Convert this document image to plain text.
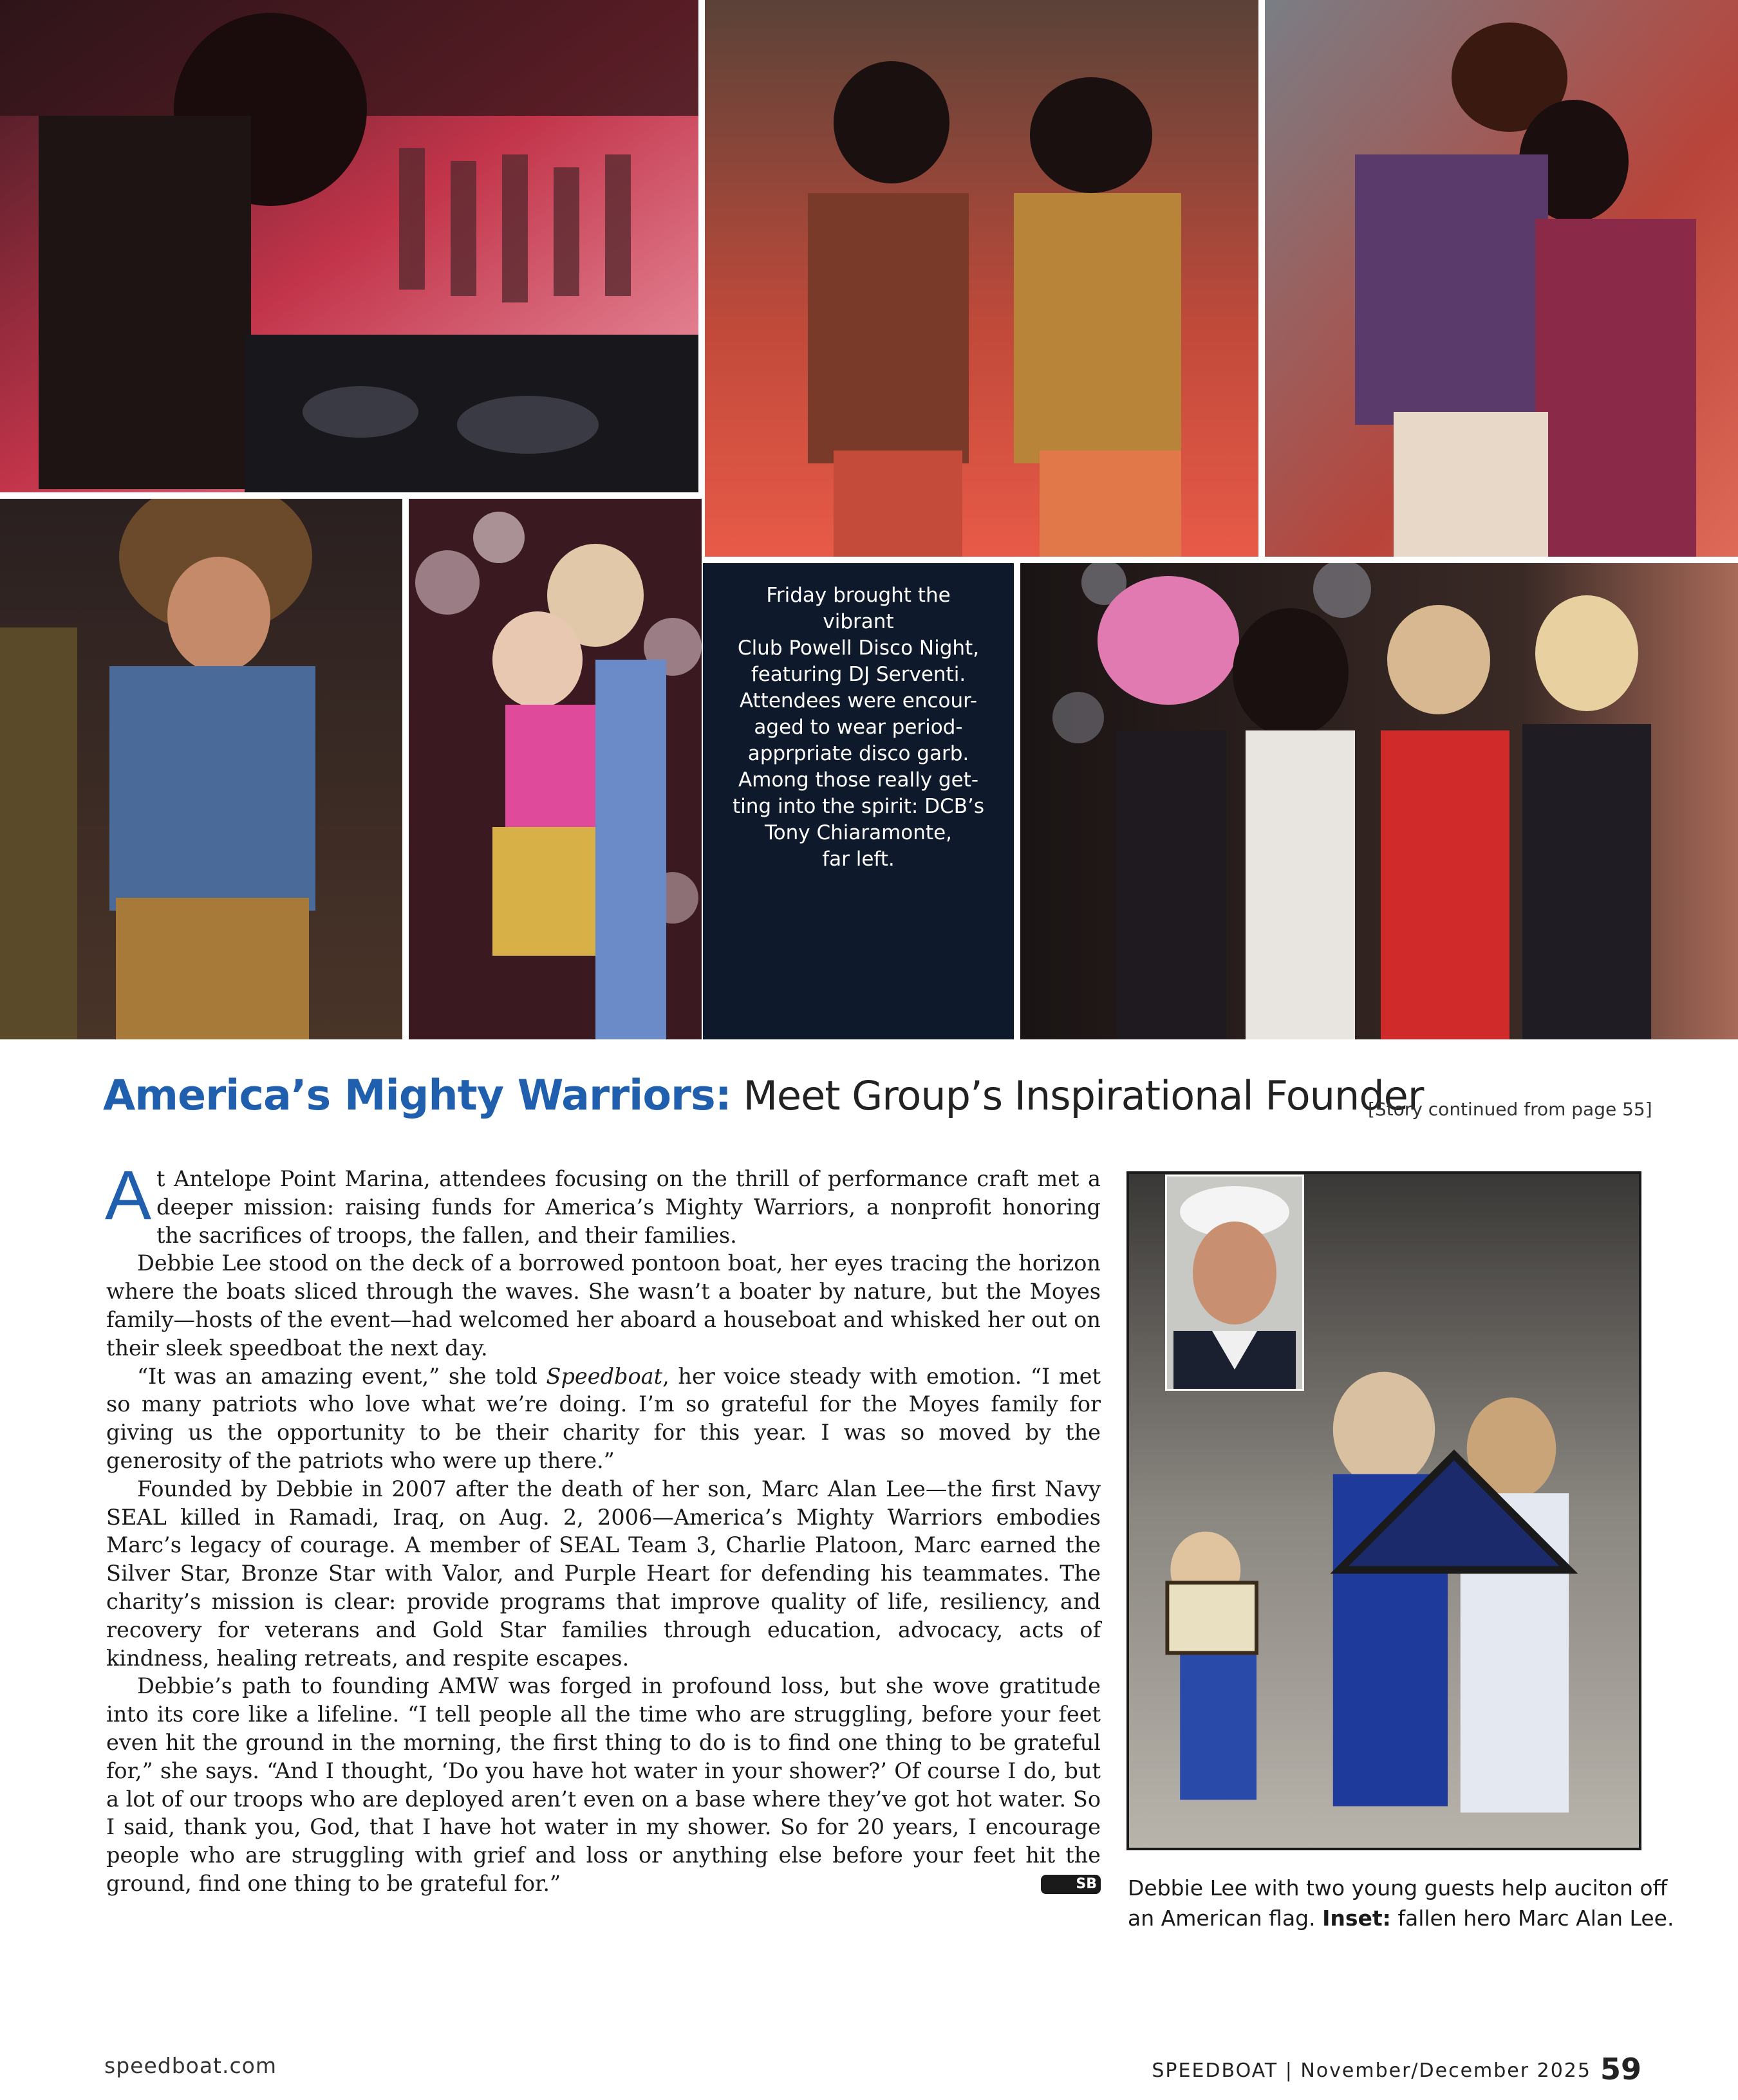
Friday brought the vibrant

Club Powell Disco Night,

featuring DJ Serventi.

Attendees were encour-

aged to wear period-

apprpriate disco garb.

Among those really get-

ting into the spirit: DCB’s

Tony Chiaramonte,

far left.

America’s Mighty Warriors: Meet Group’s Inspirational Founder
[Story continued from page 55]

At Antelope Point Marina, attendees focusing on the thrill of performance craft met a deeper mission: raising funds for America’s Mighty Warriors, a nonprofit honoring the sacrifices of troops, the fallen, and their families.

Debbie Lee stood on the deck of a borrowed pontoon boat, her eyes tracing the horizon where the boats sliced through the waves. She wasn’t a boater by nature, but the Moyes family—hosts of the event—had welcomed her aboard a houseboat and whisked her out on their sleek speedboat the next day.

“It was an amazing event,” she told Speedboat, her voice steady with emotion. “I met so many patriots who love what we’re doing. I’m so grateful for the Moyes family for giving us the opportunity to be their charity for this year. I was so moved by the generosity of the patriots who were up there.”

Founded by Debbie in 2007 after the death of her son, Marc Alan Lee—the first Navy SEAL killed in Ramadi, Iraq, on Aug. 2, 2006—America’s Mighty Warriors embodies Marc’s legacy of courage. A member of SEAL Team 3, Charlie Platoon, Marc earned the Silver Star, Bronze Star with Valor, and Purple Heart for defending his teammates. The charity’s mission is clear: provide programs that improve quality of life, resiliency, and recovery for veterans and Gold Star families through education, advocacy, acts of kindness, healing retreats, and respite escapes.

Debbie’s path to founding AMW was forged in profound loss, but she wove gratitude into its core like a lifeline. “I tell people all the time who are struggling, before your feet even hit the ground in the morning, the first thing to do is to find one thing to be grateful for,” she says. “And I thought, ‘Do you have hot water in your shower?’ Of course I do, but a lot of our troops who are deployed aren’t even on a base where they’ve got hot water. So I said, thank you, God, that I have hot water in my shower. So for 20 years, I encourage people who are struggling with grief and loss or anything else before your feet hit the ground, find one thing to be grateful for.”	SB Debbie Lee with two young guests help auciton off an American flag. Inset: fallen hero Marc Alan Lee.
speedboat.com	SPEEDBOAT | November/December 2025 59
